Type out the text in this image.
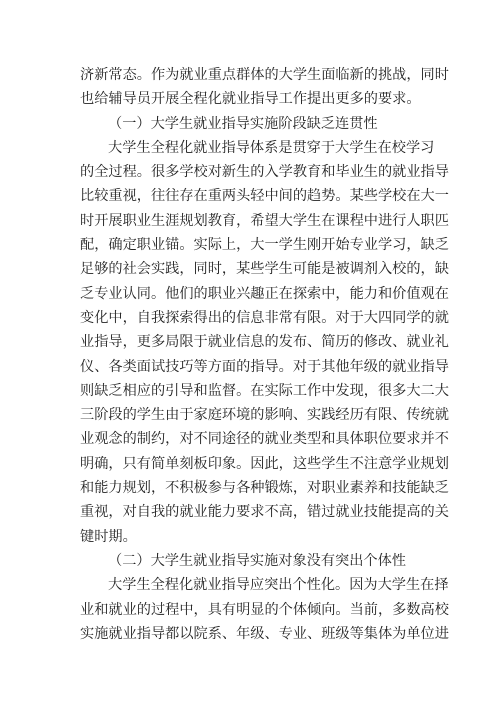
济新常态。作为就业重点群体的大学生面临新的挑战，同时
也给辅导员开展全程化就业指导工作提出更多的要求。
（一）大学生就业指导实施阶段缺乏连贯性
大学生全程化就业指导体系是贯穿于大学生在校学习
的全过程。很多学校对新生的入学教育和毕业生的就业指导
比较重视，往往存在重两头轻中间的趋势。某些学校在大一
时开展职业生涯规划教育，希望大学生在课程中进行人职匹
配，确定职业锚。实际上，大一学生刚开始专业学习，缺乏
足够的社会实践，同时，某些学生可能是被调剂入校的，缺
乏专业认同。他们的职业兴趣正在探索中，能力和价值观在
变化中，自我探索得出的信息非常有限。对于大四同学的就
业指导，更多局限于就业信息的发布、简历的修改、就业礼
仪、各类面试技巧等方面的指导。对于其他年级的就业指导
则缺乏相应的引导和监督。在实际工作中发现，很多大二大
三阶段的学生由于家庭环境的影响、实践经历有限、传统就
业观念的制约，对不同途径的就业类型和具体职位要求并不
明确，只有简单刻板印象。因此，这些学生不注意学业规划
和能力规划，不积极参与各种锻炼，对职业素养和技能缺乏
重视，对自我的就业能力要求不高，错过就业技能提高的关
键时期。
（二）大学生就业指导实施对象没有突出个体性
大学生全程化就业指导应突出个性化。因为大学生在择
业和就业的过程中，具有明显的个体倾向。当前，多数高校
实施就业指导都以院系、年级、专业、班级等集体为单位进
